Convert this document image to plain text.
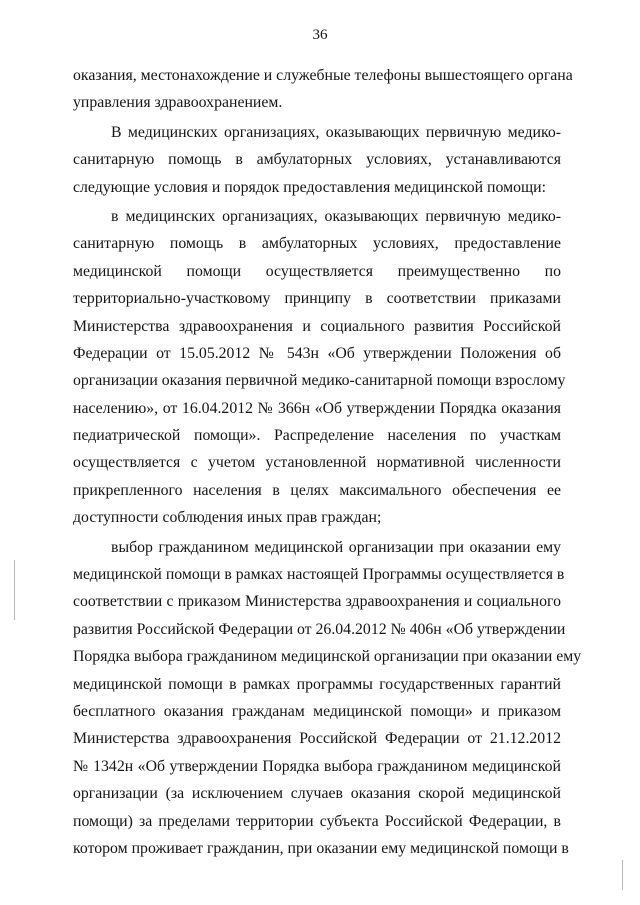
36
оказания, местонахождение и служебные телефоны вышестоящего органа
управления здравоохранением.
В медицинских организациях, оказывающих первичную медико-
санитарную помощь в амбулаторных условиях, устанавливаются
следующие условия и порядок предоставления медицинской помощи:
в медицинских организациях, оказывающих первичную медико-
санитарную помощь в амбулаторных условиях, предоставление
медицинской помощи осуществляется преимущественно по
территориально-участковому принципу в соответствии приказами
Министерства здравоохранения и социального развития Российской
Федерации от 15.05.2012 № 543н «Об утверждении Положения об
организации оказания первичной медико-санитарной помощи взрослому
населению», от 16.04.2012 № 366н «Об утверждении Порядка оказания
педиатрической помощи». Распределение населения по участкам
осуществляется с учетом установленной нормативной численности
прикрепленного населения в целях максимального обеспечения ее
доступности соблюдения иных прав граждан;
выбор гражданином медицинской организации при оказании ему
медицинской помощи в рамках настоящей Программы осуществляется в
соответствии с приказом Министерства здравоохранения и социального
развития Российской Федерации от 26.04.2012 № 406н «Об утверждении
Порядка выбора гражданином медицинской организации при оказании ему
медицинской помощи в рамках программы государственных гарантий
бесплатного оказания гражданам медицинской помощи» и приказом
Министерства здравоохранения Российской Федерации от 21.12.2012
№ 1342н «Об утверждении Порядка выбора гражданином медицинской
организации (за исключением случаев оказания скорой медицинской
помощи) за пределами территории субъекта Российской Федерации, в
котором проживает гражданин, при оказании ему медицинской помощи в
